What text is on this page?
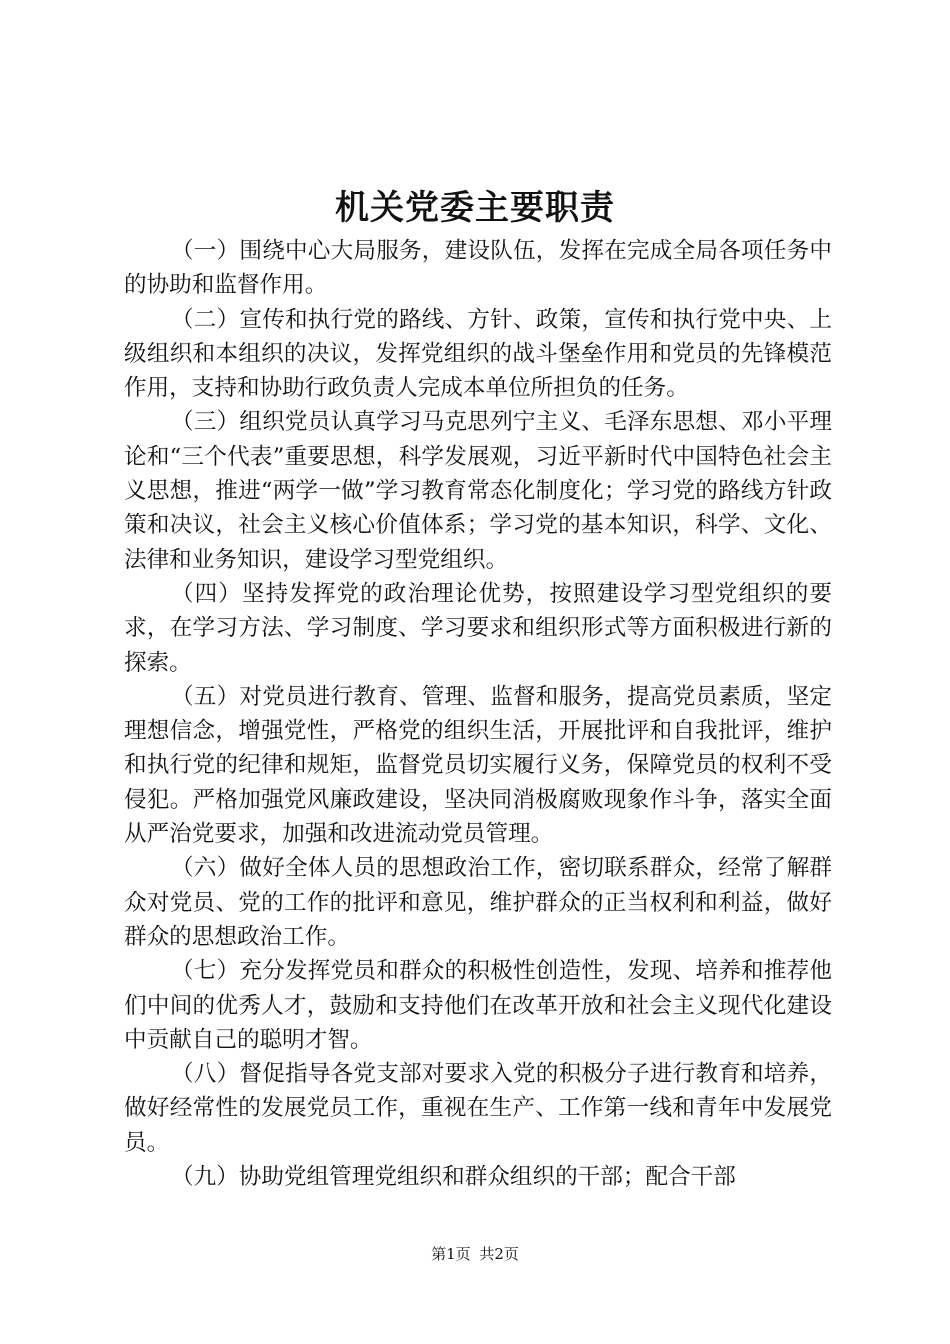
机关党委主要职责

（一）围绕中心大局服务，建设队伍，发挥在完成全局各项任务中的协助和监督作用。

（二）宣传和执行党的路线、方针、政策，宣传和执行党中央、上级组织和本组织的决议，发挥党组织的战斗堡垒作用和党员的先锋模范作用，支持和协助行政负责人完成本单位所担负的任务。

（三）组织党员认真学习马克思列宁主义、毛泽东思想、邓小平理论和“三个代表”重要思想，科学发展观，习近平新时代中国特色社会主义思想，推进“两学一做”学习教育常态化制度化；学习党的路线方针政策和决议，社会主义核心价值体系；学习党的基本知识，科学、文化、法律和业务知识，建设学习型党组织。

（四）坚持发挥党的政治理论优势，按照建设学习型党组织的要求，在学习方法、学习制度、学习要求和组织形式等方面积极进行新的探索。

（五）对党员进行教育、管理、监督和服务，提高党员素质，坚定理想信念，增强党性，严格党的组织生活，开展批评和自我批评，维护和执行党的纪律和规矩，监督党员切实履行义务，保障党员的权利不受侵犯。严格加强党风廉政建设，坚决同消极腐败现象作斗争，落实全面从严治党要求，加强和改进流动党员管理。

（六）做好全体人员的思想政治工作，密切联系群众，经常了解群众对党员、党的工作的批评和意见，维护群众的正当权利和利益，做好群众的思想政治工作。

（七）充分发挥党员和群众的积极性创造性，发现、培养和推荐他们中间的优秀人才，鼓励和支持他们在改革开放和社会主义现代化建设中贡献自己的聪明才智。

（八）督促指导各党支部对要求入党的积极分子进行教育和培养，做好经常性的发展党员工作，重视在生产、工作第一线和青年中发展党员。

（九）协助党组管理党组织和群众组织的干部；配合干部

第1页 共2页
